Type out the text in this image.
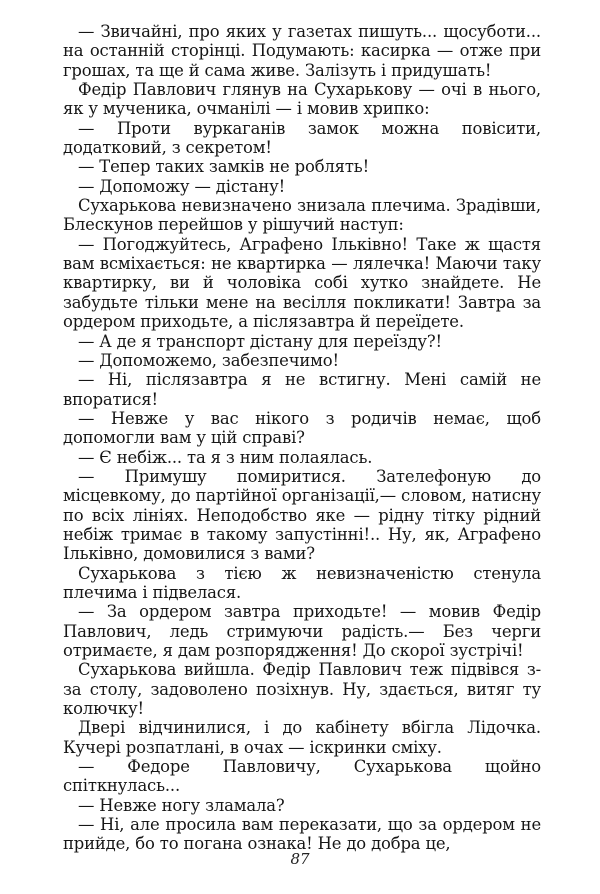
— Звичайні, про яких у газетах пишуть... щосуботи... на останній сторінці. Подумають: касирка — отже при грошах, та ще й сама живе. Залізуть і придушать!

Федір Павлович глянув на Сухарькову — очі в нього, як у мученика, очманілі — і мовив хрипко:

— Проти вуркаганів замок можна повісити, додатковий, з секретом!

— Тепер таких замків не роблять!

— Допоможу — дістану!

Сухарькова невизначено знизала плечима. Зрадівши, Блескунов перейшов у рішучий наступ:

— Погоджуйтесь, Аграфено Ількiвно! Таке ж щастя вам всміхається: не квартирка — лялечка! Маючи таку квартирку, ви й чоловіка собі хутко знайдете. Не забудьте тільки мене на весілля покликати! Завтра за ордером приходьте, а післязавтра й переїдете.

— А де я транспорт дістану для переїзду?!

— Допоможемо, забезпечимо!

— Ні, післязавтра я не встигну. Мені самій не впоратися!

— Невже у вас нікого з родичів немає, щоб допомогли вам у цій справі?

— Є небіж... та я з ним полаялась.

— Примушу помиритися. Зателефоную до місцевкому, до партійної організації,— словом, натисну по всіх лініях. Неподобство яке — рідну тітку рідний небіж тримає в такому запустінні!.. Ну, як, Аграфено Ількiвно, домовилися з вами?

Сухарькова з тією ж невизначеністю стенула плечима і підвелася.

— За ордером завтра приходьте! — мовив Федір Павлович, ледь стримуючи радість.— Без черги отримаєте, я дам розпорядження! До скорої зустрічі!

Сухарькова вийшла. Федір Павлович теж підвівся з-за столу, задоволено позіхнув. Ну, здається, витяг ту колючку!

Двері відчинилися, і до кабінету вбігла Лідочка. Кучері розпатлані, в очах — іскринки сміху.

— Федоре Павловичу, Сухарькова щойно спіткнулась...

— Невже ногу зламала?

— Ні, але просила вам переказати, що за ордером не прийде, бо то погана ознака! Не до добра це,

87
